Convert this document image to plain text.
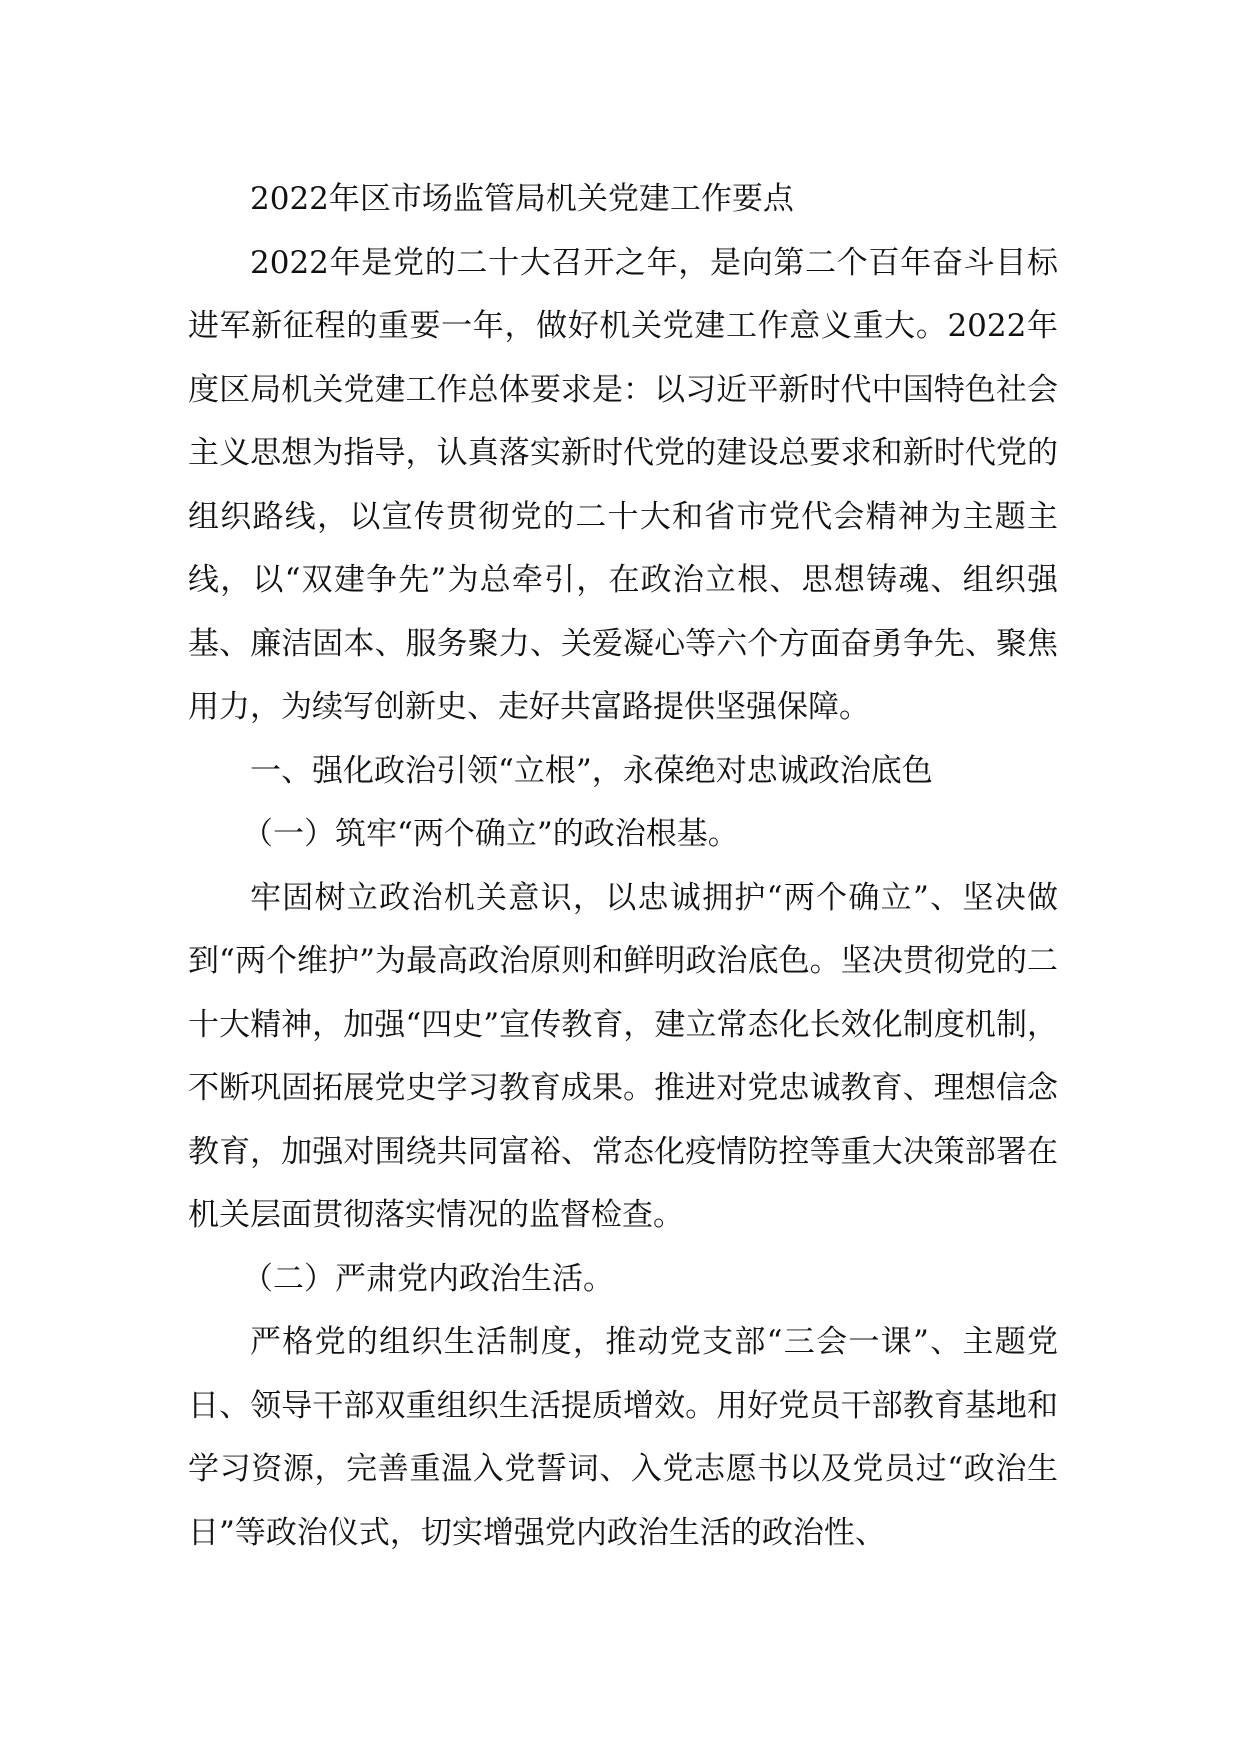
2022年区市场监管局机关党建工作要点

2022年是党的二十大召开之年，是向第二个百年奋斗目标进军新征程的重要一年，做好机关党建工作意义重大。2022年度区局机关党建工作总体要求是：以习近平新时代中国特色社会主义思想为指导，认真落实新时代党的建设总要求和新时代党的组织路线，以宣传贯彻党的二十大和省市党代会精神为主题主线，以“双建争先”为总牵引，在政治立根、思想铸魂、组织强基、廉洁固本、服务聚力、关爱凝心等六个方面奋勇争先、聚焦用力，为续写创新史、走好共富路提供坚强保障。

一、强化政治引领“立根”，永葆绝对忠诚政治底色

（一）筑牢“两个确立”的政治根基。

牢固树立政治机关意识，以忠诚拥护“两个确立”、坚决做到“两个维护”为最高政治原则和鲜明政治底色。坚决贯彻党的二十大精神，加强“四史”宣传教育，建立常态化长效化制度机制，不断巩固拓展党史学习教育成果。推进对党忠诚教育、理想信念教育，加强对围绕共同富裕、常态化疫情防控等重大决策部署在机关层面贯彻落实情况的监督检查。

（二）严肃党内政治生活。

严格党的组织生活制度，推动党支部“三会一课”、主题党日、领导干部双重组织生活提质增效。用好党员干部教育基地和学习资源，完善重温入党誓词、入党志愿书以及党员过“政治生日”等政治仪式，切实增强党内政治生活的政治性、
